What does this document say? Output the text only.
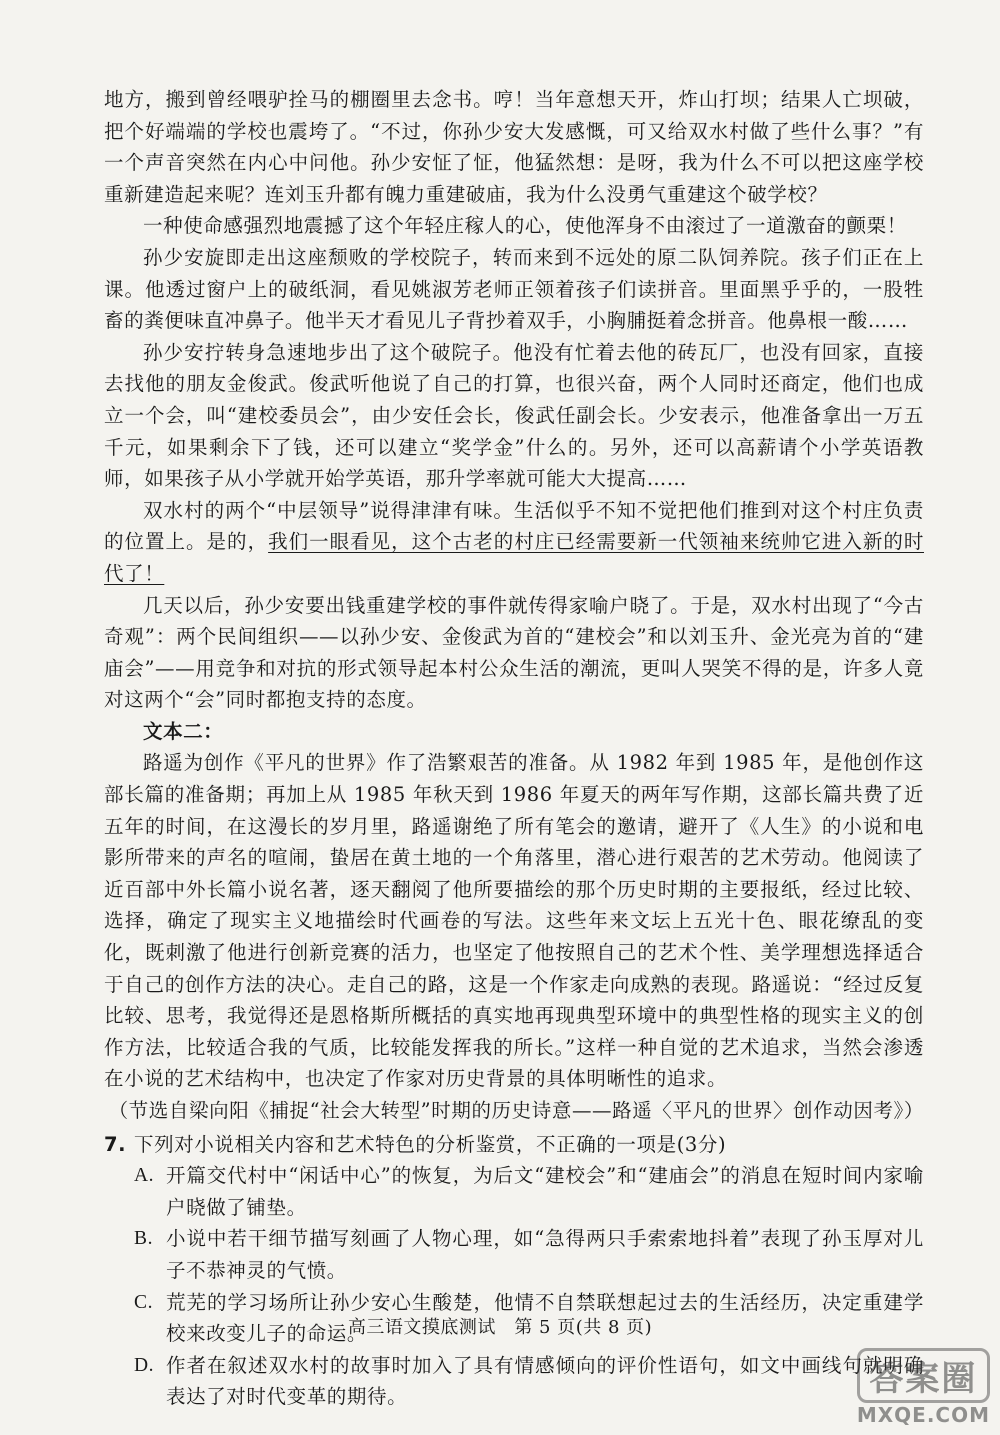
地方，搬到曾经喂驴拴马的棚圈里去念书。哼！当年意想天开，炸山打坝；结果人亡坝破，把个好端端的学校也震垮了。“不过，你孙少安大发感慨，可又给双水村做了些什么事？”有一个声音突然在内心中问他。孙少安怔了怔，他猛然想：是呀，我为什么不可以把这座学校重新建造起来呢？连刘玉升都有魄力重建破庙，我为什么没勇气重建这个破学校？

一种使命感强烈地震撼了这个年轻庄稼人的心，使他浑身不由滚过了一道激奋的颤栗！

孙少安旋即走出这座颓败的学校院子，转而来到不远处的原二队饲养院。孩子们正在上课。他透过窗户上的破纸洞，看见姚淑芳老师正领着孩子们读拼音。里面黑乎乎的，一股牲畜的粪便味直冲鼻子。他半天才看见儿子背抄着双手，小胸脯挺着念拼音。他鼻根一酸……

孙少安拧转身急速地步出了这个破院子。他没有忙着去他的砖瓦厂，也没有回家，直接去找他的朋友金俊武。俊武听他说了自己的打算，也很兴奋，两个人同时还商定，他们也成立一个会，叫“建校委员会”，由少安任会长，俊武任副会长。少安表示，他准备拿出一万五千元，如果剩余下了钱，还可以建立“奖学金”什么的。另外，还可以高薪请个小学英语教师，如果孩子从小学就开始学英语，那升学率就可能大大提高……

双水村的两个“中层领导”说得津津有味。生活似乎不知不觉把他们推到对这个村庄负责的位置上。是的，我们一眼看见，这个古老的村庄已经需要新一代领袖来统帅它进入新的时代了！

几天以后，孙少安要出钱重建学校的事件就传得家喻户晓了。于是，双水村出现了“今古奇观”：两个民间组织——以孙少安、金俊武为首的“建校会”和以刘玉升、金光亮为首的“建庙会”——用竞争和对抗的形式领导起本村公众生活的潮流，更叫人哭笑不得的是，许多人竟对这两个“会”同时都抱支持的态度。

文本二：

路遥为创作《平凡的世界》作了浩繁艰苦的准备。从 1982 年到 1985 年，是他创作这部长篇的准备期；再加上从 1985 年秋天到 1986 年夏天的两年写作期，这部长篇共费了近五年的时间，在这漫长的岁月里，路遥谢绝了所有笔会的邀请，避开了《人生》的小说和电影所带来的声名的喧闹，蛰居在黄土地的一个角落里，潜心进行艰苦的艺术劳动。他阅读了近百部中外长篇小说名著，逐天翻阅了他所要描绘的那个历史时期的主要报纸，经过比较、选择，确定了现实主义地描绘时代画卷的写法。这些年来文坛上五光十色、眼花缭乱的变化，既刺激了他进行创新竞赛的活力，也坚定了他按照自己的艺术个性、美学理想选择适合于自己的创作方法的决心。走自己的路，这是一个作家走向成熟的表现。路遥说：“经过反复比较、思考，我觉得还是恩格斯所概括的真实地再现典型环境中的典型性格的现实主义的创作方法，比较适合我的气质，比较能发挥我的所长。”这样一种自觉的艺术追求，当然会渗透在小说的艺术结构中，也决定了作家对历史背景的具体明晰性的追求。

（节选自梁向阳《捕捉“社会大转型”时期的历史诗意——路遥〈平凡的世界〉创作动因考》）

7. 下列对小说相关内容和艺术特色的分析鉴赏，不正确的一项是(3分)
A. 开篇交代村中“闲话中心”的恢复，为后文“建校会”和“建庙会”的消息在短时间内家喻户晓做了铺垫。
B. 小说中若干细节描写刻画了人物心理，如“急得两只手索索地抖着”表现了孙玉厚对儿子不恭神灵的气愤。
C. 荒芜的学习场所让孙少安心生酸楚，他情不自禁联想起过去的生活经历，决定重建学校来改变儿子的命运。
D. 作者在叙述双水村的故事时加入了具有情感倾向的评价性语句，如文中画线句就明确表达了对时代变革的期待。
高三语文摸底测试　第 5 页(共 8 页)
答案圈
MXQE.COM
